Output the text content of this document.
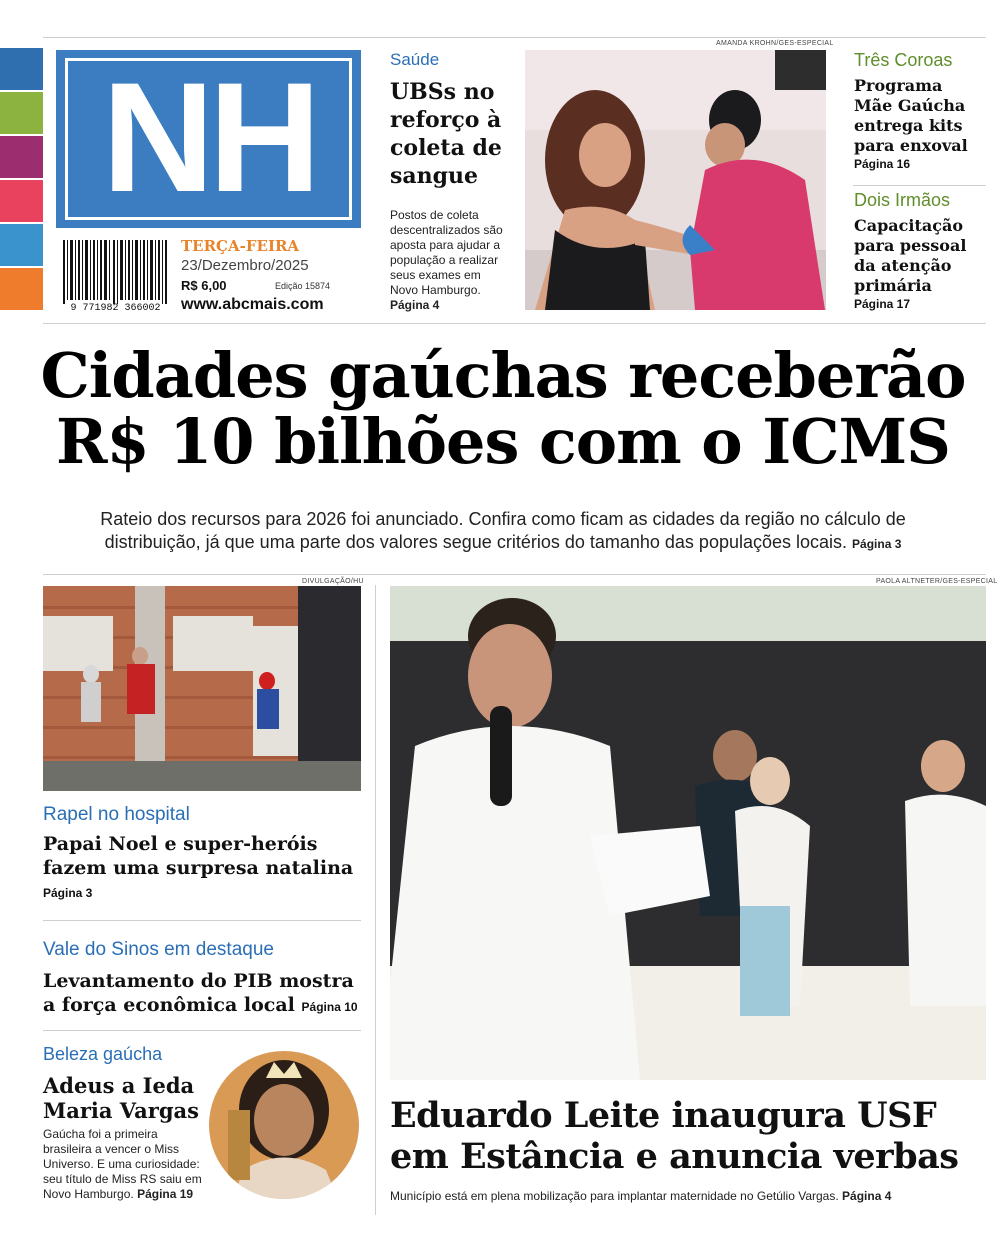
NH
9 771982 366002
TERÇA-FEIRA
23/Dezembro/2025
R$ 6,00	Edição 15874
www.abcmais.com
Saúde
UBSs no
reforço à
coleta de
sangue
Postos de coleta
descentralizados são
aposta para ajudar a
população a realizar
seus exames em
Novo Hamburgo.
Página 4
AMANDA KROHN/GES-ESPECIAL
Três Coroas
Programa
Mãe Gaúcha
entrega kits
para enxoval
Página 16
Dois Irmãos
Capacitação
para pessoal
da atenção
primária
Página 17
Cidades gaúchas receberão
R$ 10 bilhões com o ICMS
Rateio dos recursos para 2026 foi anunciado. Confira como ficam as cidades da região no cálculo de
distribuição, já que uma parte dos valores segue critérios do tamanho das populações locais. Página 3
DIVULGAÇÃO/HU
Rapel no hospital
Papai Noel e super-heróis
fazem uma surpresa natalina
Página 3
Vale do Sinos em destaque
Levantamento do PIB mostra
a força econômica local Página 10
Beleza gaúcha
Adeus a Ieda
Maria Vargas
Gaúcha foi a primeira
brasileira a vencer o Miss
Universo. E uma curiosidade:
seu título de Miss RS saiu em
Novo Hamburgo. Página 19
PAOLA ALTNETER/GES-ESPECIAL
Eduardo Leite inaugura USF
em Estância e anuncia verbas
Município está em plena mobilização para implantar maternidade no Getúlio Vargas. Página 4
